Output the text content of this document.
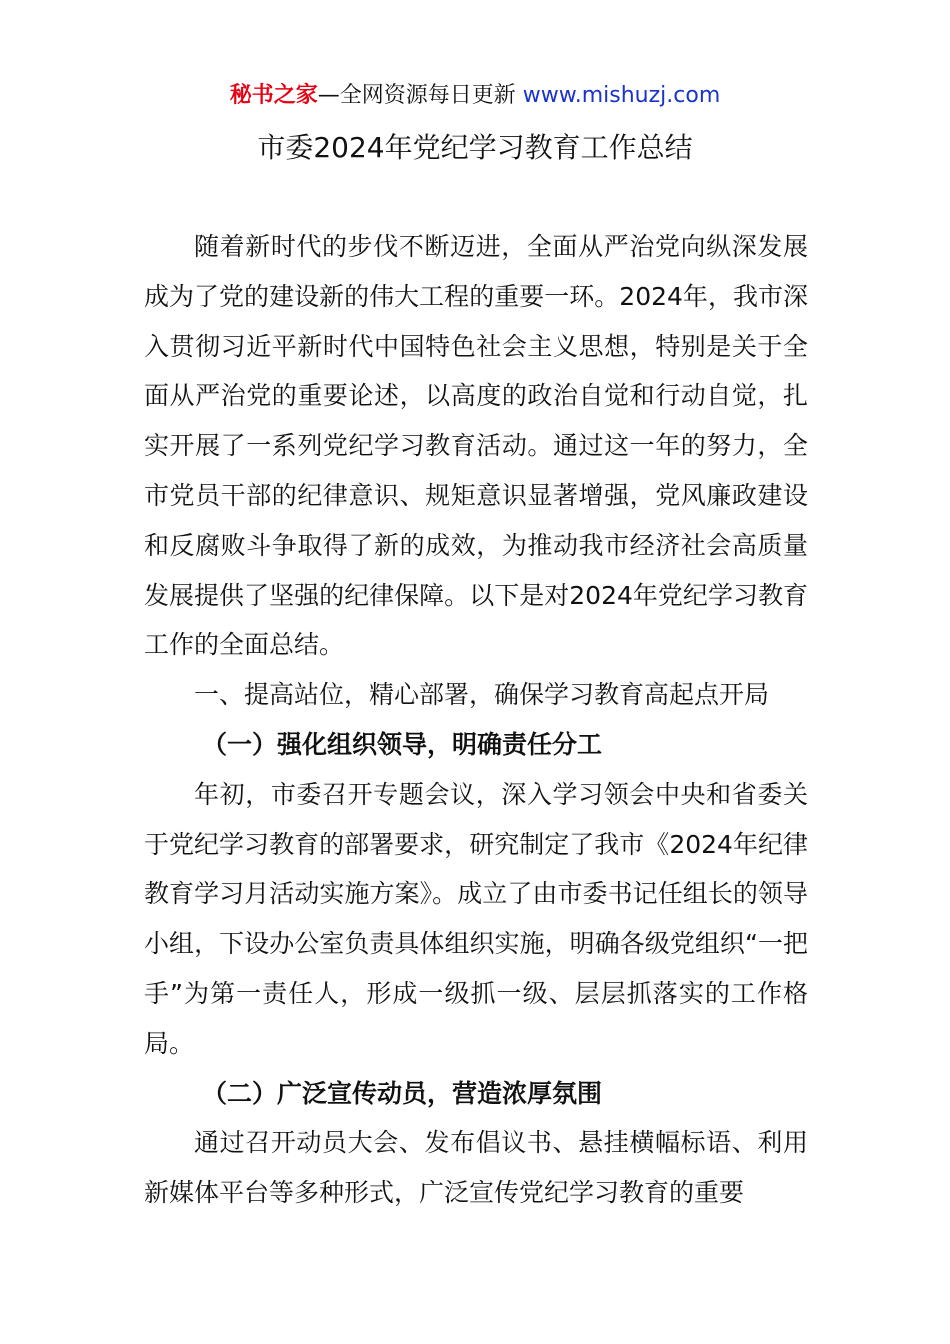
秘书之家—全网资源每日更新 www.mishuzj.com
市委2024年党纪学习教育工作总结

随着新时代的步伐不断迈进，全面从严治党向纵深发展成为了党的建设新的伟大工程的重要一环。2024年，我市深入贯彻习近平新时代中国特色社会主义思想，特别是关于全面从严治党的重要论述，以高度的政治自觉和行动自觉，扎实开展了一系列党纪学习教育活动。通过这一年的努力，全市党员干部的纪律意识、规矩意识显著增强，党风廉政建设和反腐败斗争取得了新的成效，为推动我市经济社会高质量发展提供了坚强的纪律保障。以下是对2024年党纪学习教育工作的全面总结。

一、提高站位，精心部署，确保学习教育高起点开局

（一）强化组织领导，明确责任分工

年初，市委召开专题会议，深入学习领会中央和省委关于党纪学习教育的部署要求，研究制定了我市《2024年纪律教育学习月活动实施方案》。成立了由市委书记任组长的领导小组，下设办公室负责具体组织实施，明确各级党组织“一把手”为第一责任人，形成一级抓一级、层层抓落实的工作格局。

（二）广泛宣传动员，营造浓厚氛围

通过召开动员大会、发布倡议书、悬挂横幅标语、利用新媒体平台等多种形式，广泛宣传党纪学习教育的重要
